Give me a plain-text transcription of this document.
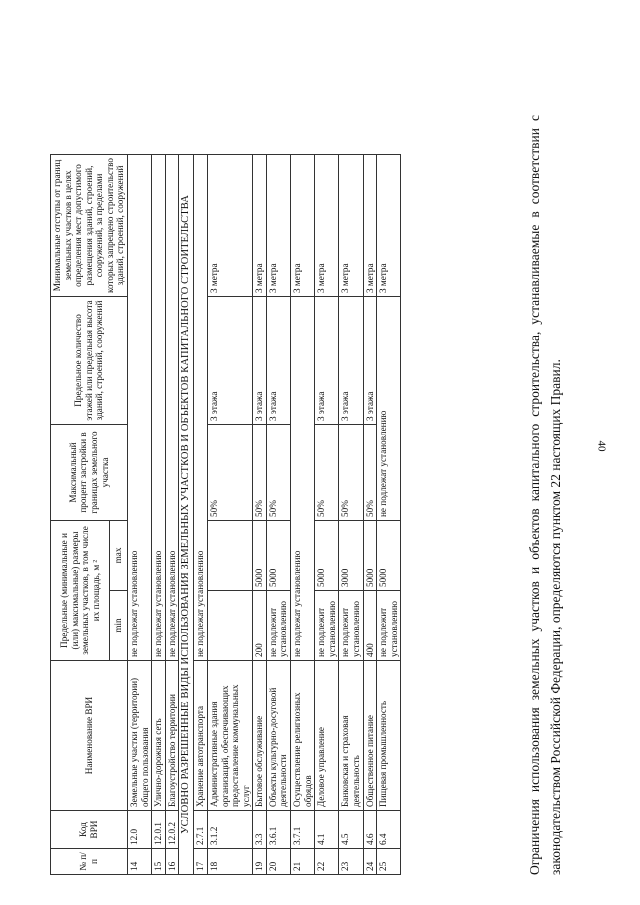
40
№ п/п	Код ВРИ	Наименование ВРИ	Предельные (минимальные и (или) максимальные) размеры земельных участков, в том числе их площадь, м ²		Максимальный процент застройки в границах земельного участка	Предельное количество этажей или предельная высота зданий, строений, сооружений	Минимальные отступы от границ земельных участков в целях определения мест допустимого размещения зданий, строений, сооружений, за пределами которых запрещено строительство зданий, строений, сооружений
			min	max			
14	12.0	Земельные участки (территории) общего пользования	не подлежат установлению				
15	12.0.1	Улично-дорожная сеть	не подлежат установлению				
16	12.0.2	Благоустройство территории	не подлежат установлению				
УСЛОВНО РАЗРЕШЕННЫЕ ВИДЫ ИСПОЛЬЗОВАНИЯ ЗЕМЕЛЬНЫХ УЧАСТКОВ И ОБЪЕКТОВ КАПИТАЛЬНОГО СТРОИТЕЛЬСТВА							
17	2.7.1	Хранение автотранспорта	не подлежат установлению				
18	3.1.2	Административные здания организаций, обеспечивающих предоставление коммунальных услуг			50%	3 этажа	3 метра
19	3.3	Бытовое обслуживание	200	5000	50%	3 этажа	3 метра
20	3.6.1	Объекты культурно-досуговой деятельности	не подлежит установлению	5000	50%	3 этажа	3 метра
21	3.7.1	Осуществление религиозных обрядов	не подлежат установлению				3 метра
22	4.1	Деловое управление	не подлежит установлению	5000	50%	3 этажа	3 метра
23	4.5	Банковская и страховая деятельность	не подлежит установлению	3000	50%	3 этажа	3 метра
24	4.6	Общественное питание	400	5000	50%	3 этажа	3 метра
25	6.4	Пищевая промышленность	не подлежит установлению	5000	не подлежат установлению		3 метра	Ограничения использования земельных участков и объектов капитального строительства, устанавливаемые в соответствии с законодательством Российской Федерации, определяются пунктом 22 настоящих Правил.
